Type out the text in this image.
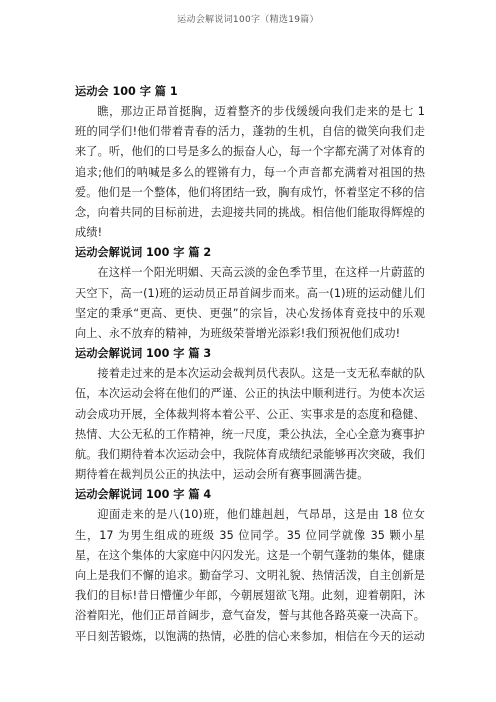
运动会解说词100字（精选19篇）

运动会 100 字 篇 1

瞧，那边正昂首挺胸，迈着整齐的步伐缓缓向我们走来的是七 1 班的同学们!他们带着青春的活力，蓬勃的生机，自信的微笑向我们走来了。听，他们的口号是多么的振奋人心，每一个字都充满了对体育的 追求;他们的呐喊是多么的铿锵有力，每一个声音都充满着对祖国的热爱。他们是一个整体，他们将团结一致，胸有成竹，怀着坚定不移的信念，向着共同的目标前进，去迎接共同的挑战。相信他们能取得辉煌的成绩!

运动会解说词 100 字 篇 2

在这样一个阳光明媚、天高云淡的金色季节里，在这样一片蔚蓝的天空下，高一(1)班的运动员正昂首阔步而来。高一(1)班的运动健儿们坚定的秉承“更高、更快、更强”的宗旨，决心发扬体育竞技中的乐观向上、永不放弃的精神，为班级荣誉增光添彩!我们预祝他们成功!

运动会解说词 100 字 篇 3

接着走过来的是本次运动会裁判员代表队。这是一支无私奉献的队伍，本次运动会将在他们的严谨、公正的执法中顺利进行。为使本次运动会成功开展，全体裁判将本着公平、公正、实事求是的态度和稳健、热情、大公无私的工作精神，统一尺度，秉公执法，全心全意为赛事护航。我们期待着本次运动会中，我院体育成绩纪录能够再次突破，我们期待着在裁判员公正的执法中，运动会所有赛事圆满告捷。

运动会解说词 100 字 篇 4

迎面走来的是八(10)班，他们雄赳赳，气昂昂，这是由 18 位女生，17 为男生组成的班级 35 位同学。35 位同学就像 35 颗小星星，在这个集体的大家庭中闪闪发光。这是一个朝气蓬勃的集体，健康向上是我们不懈的追求。勤奋学习、文明礼貌、热情活泼，自主创新是我们的目标!昔日懵懂少年郎，今朝展翅欲飞翔。此刻，迎着朝阳，沐浴着阳光，他们正昂首阔步，意气奋发，誓与其他各路英豪一决高下。平日刻苦锻炼，以饱满的热情，必胜的信心来参加，相信在今天的运动
